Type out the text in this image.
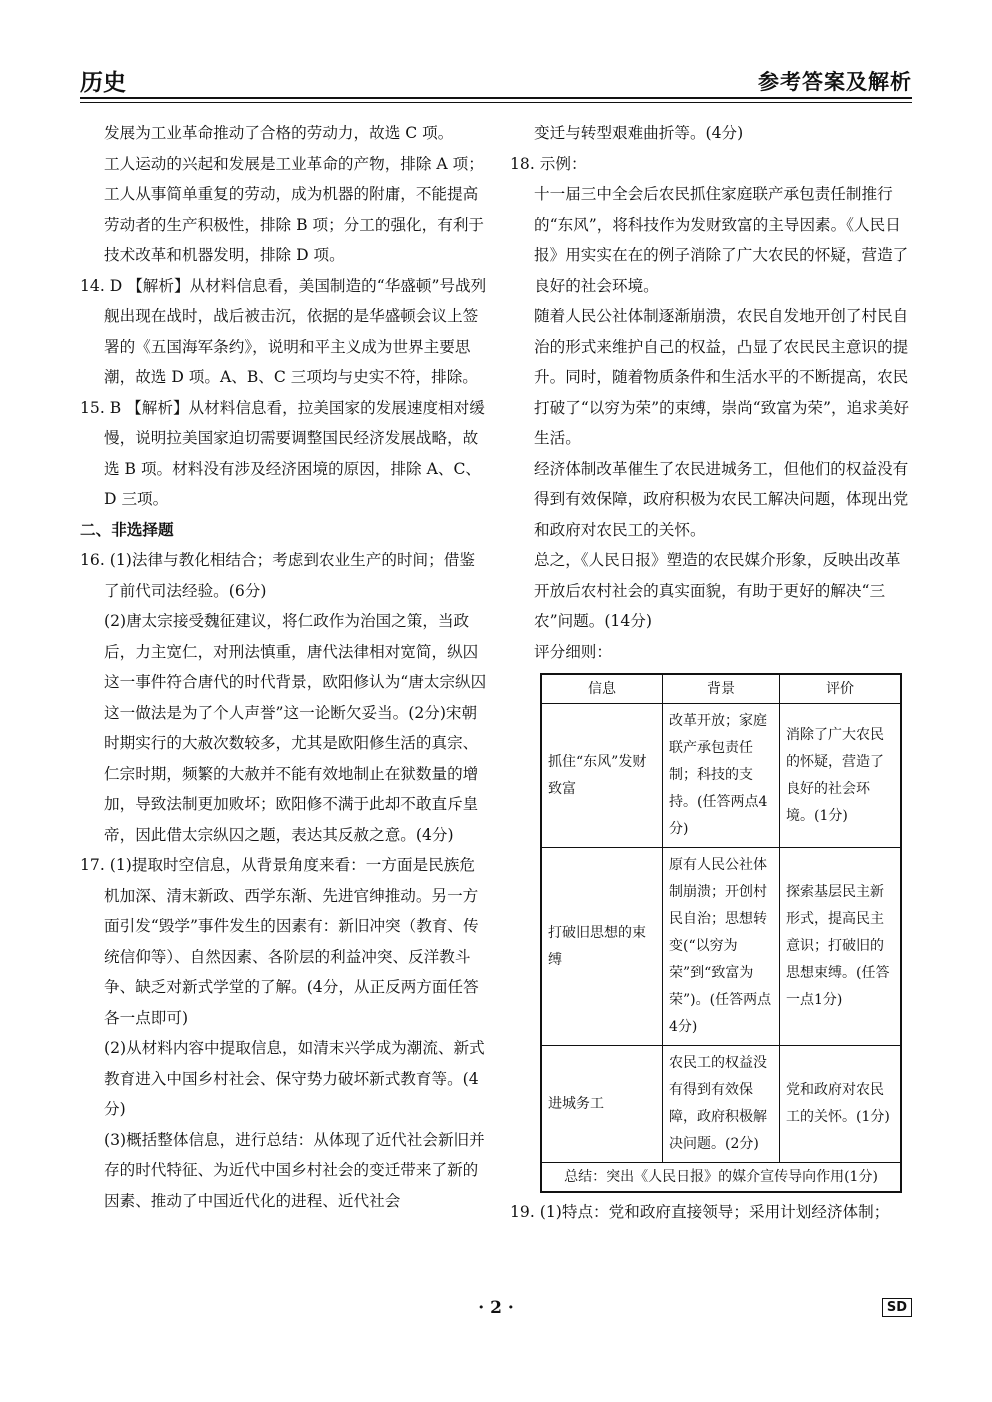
历史	参考答案及解析

发展为工业革命推动了合格的劳动力，故选 C 项。

工人运动的兴起和发展是工业革命的产物，排除 A 项；工人从事简单重复的劳动，成为机器的附庸，不能提高劳动者的生产积极性，排除 B 项；分工的强化，有利于技术改革和机器发明，排除 D 项。

14. D 【解析】从材料信息看，美国制造的“华盛顿”号战列舰出现在战时，战后被击沉，依据的是华盛顿会议上签署的《五国海军条约》，说明和平主义成为世界主要思潮，故选 D 项。A、B、C 三项均与史实不符，排除。

15. B 【解析】从材料信息看，拉美国家的发展速度相对缓慢，说明拉美国家迫切需要调整国民经济发展战略，故选 B 项。材料没有涉及经济困境的原因，排除 A、C、D 三项。

二、非选择题

16. (1)法律与教化相结合；考虑到农业生产的时间；借鉴了前代司法经验。(6分)

(2)唐太宗接受魏征建议，将仁政作为治国之策，当政后，力主宽仁，对刑法慎重，唐代法律相对宽简，纵囚这一事件符合唐代的时代背景，欧阳修认为“唐太宗纵囚这一做法是为了个人声誉”这一论断欠妥当。(2分)宋朝时期实行的大赦次数较多，尤其是欧阳修生活的真宗、仁宗时期，频繁的大赦并不能有效地制止在狱数量的增加，导致法制更加败坏；欧阳修不满于此却不敢直斥皇帝，因此借太宗纵囚之题，表达其反赦之意。(4分)

17. (1)提取时空信息，从背景角度来看：一方面是民族危机加深、清末新政、西学东渐、先进官绅推动。另一方面引发“毁学”事件发生的因素有：新旧冲突（教育、传统信仰等）、自然因素、各阶层的利益冲突、反洋教斗争、缺乏对新式学堂的了解。(4分，从正反两方面任答各一点即可)

(2)从材料内容中提取信息，如清末兴学成为潮流、新式教育进入中国乡村社会、保守势力破坏新式教育等。(4分)

(3)概括整体信息，进行总结：从体现了近代社会新旧并存的时代特征、为近代中国乡村社会的变迁带来了新的因素、推动了中国近代化的进程、近代社会

变迁与转型艰难曲折等。(4分)

18. 示例：

十一届三中全会后农民抓住家庭联产承包责任制推行的“东风”，将科技作为发财致富的主导因素。《人民日报》用实实在在的例子消除了广大农民的怀疑，营造了良好的社会环境。

随着人民公社体制逐渐崩溃，农民自发地开创了村民自治的形式来维护自己的权益，凸显了农民民主意识的提升。同时，随着物质条件和生活水平的不断提高，农民打破了“以穷为荣”的束缚，崇尚“致富为荣”，追求美好生活。

经济体制改革催生了农民进城务工，但他们的权益没有得到有效保障，政府积极为农民工解决问题，体现出党和政府对农民工的关怀。

总之，《人民日报》塑造的农民媒介形象，反映出改革开放后农村社会的真实面貌，有助于更好的解决“三农”问题。(14分)

评分细则：

信息	背景	评价
抓住“东风”发财致富	改革开放；家庭联产承包责任制；科技的支持。(任答两点4分)	消除了广大农民的怀疑，营造了良好的社会环境。(1分)
打破旧思想的束缚	原有人民公社体制崩溃；开创村民自治；思想转变(“以穷为荣”到“致富为荣”)。(任答两点4分)	探索基层民主新形式，提高民主意识；打破旧的思想束缚。(任答一点1分)
进城务工	农民工的权益没有得到有效保障，政府积极解决问题。(2分)	党和政府对农民工的关怀。(1分)
总结：突出《人民日报》的媒介宣传导向作用(1分)		

19. (1)特点：党和政府直接领导；采用计划经济体制；

· 2 ·	SD
